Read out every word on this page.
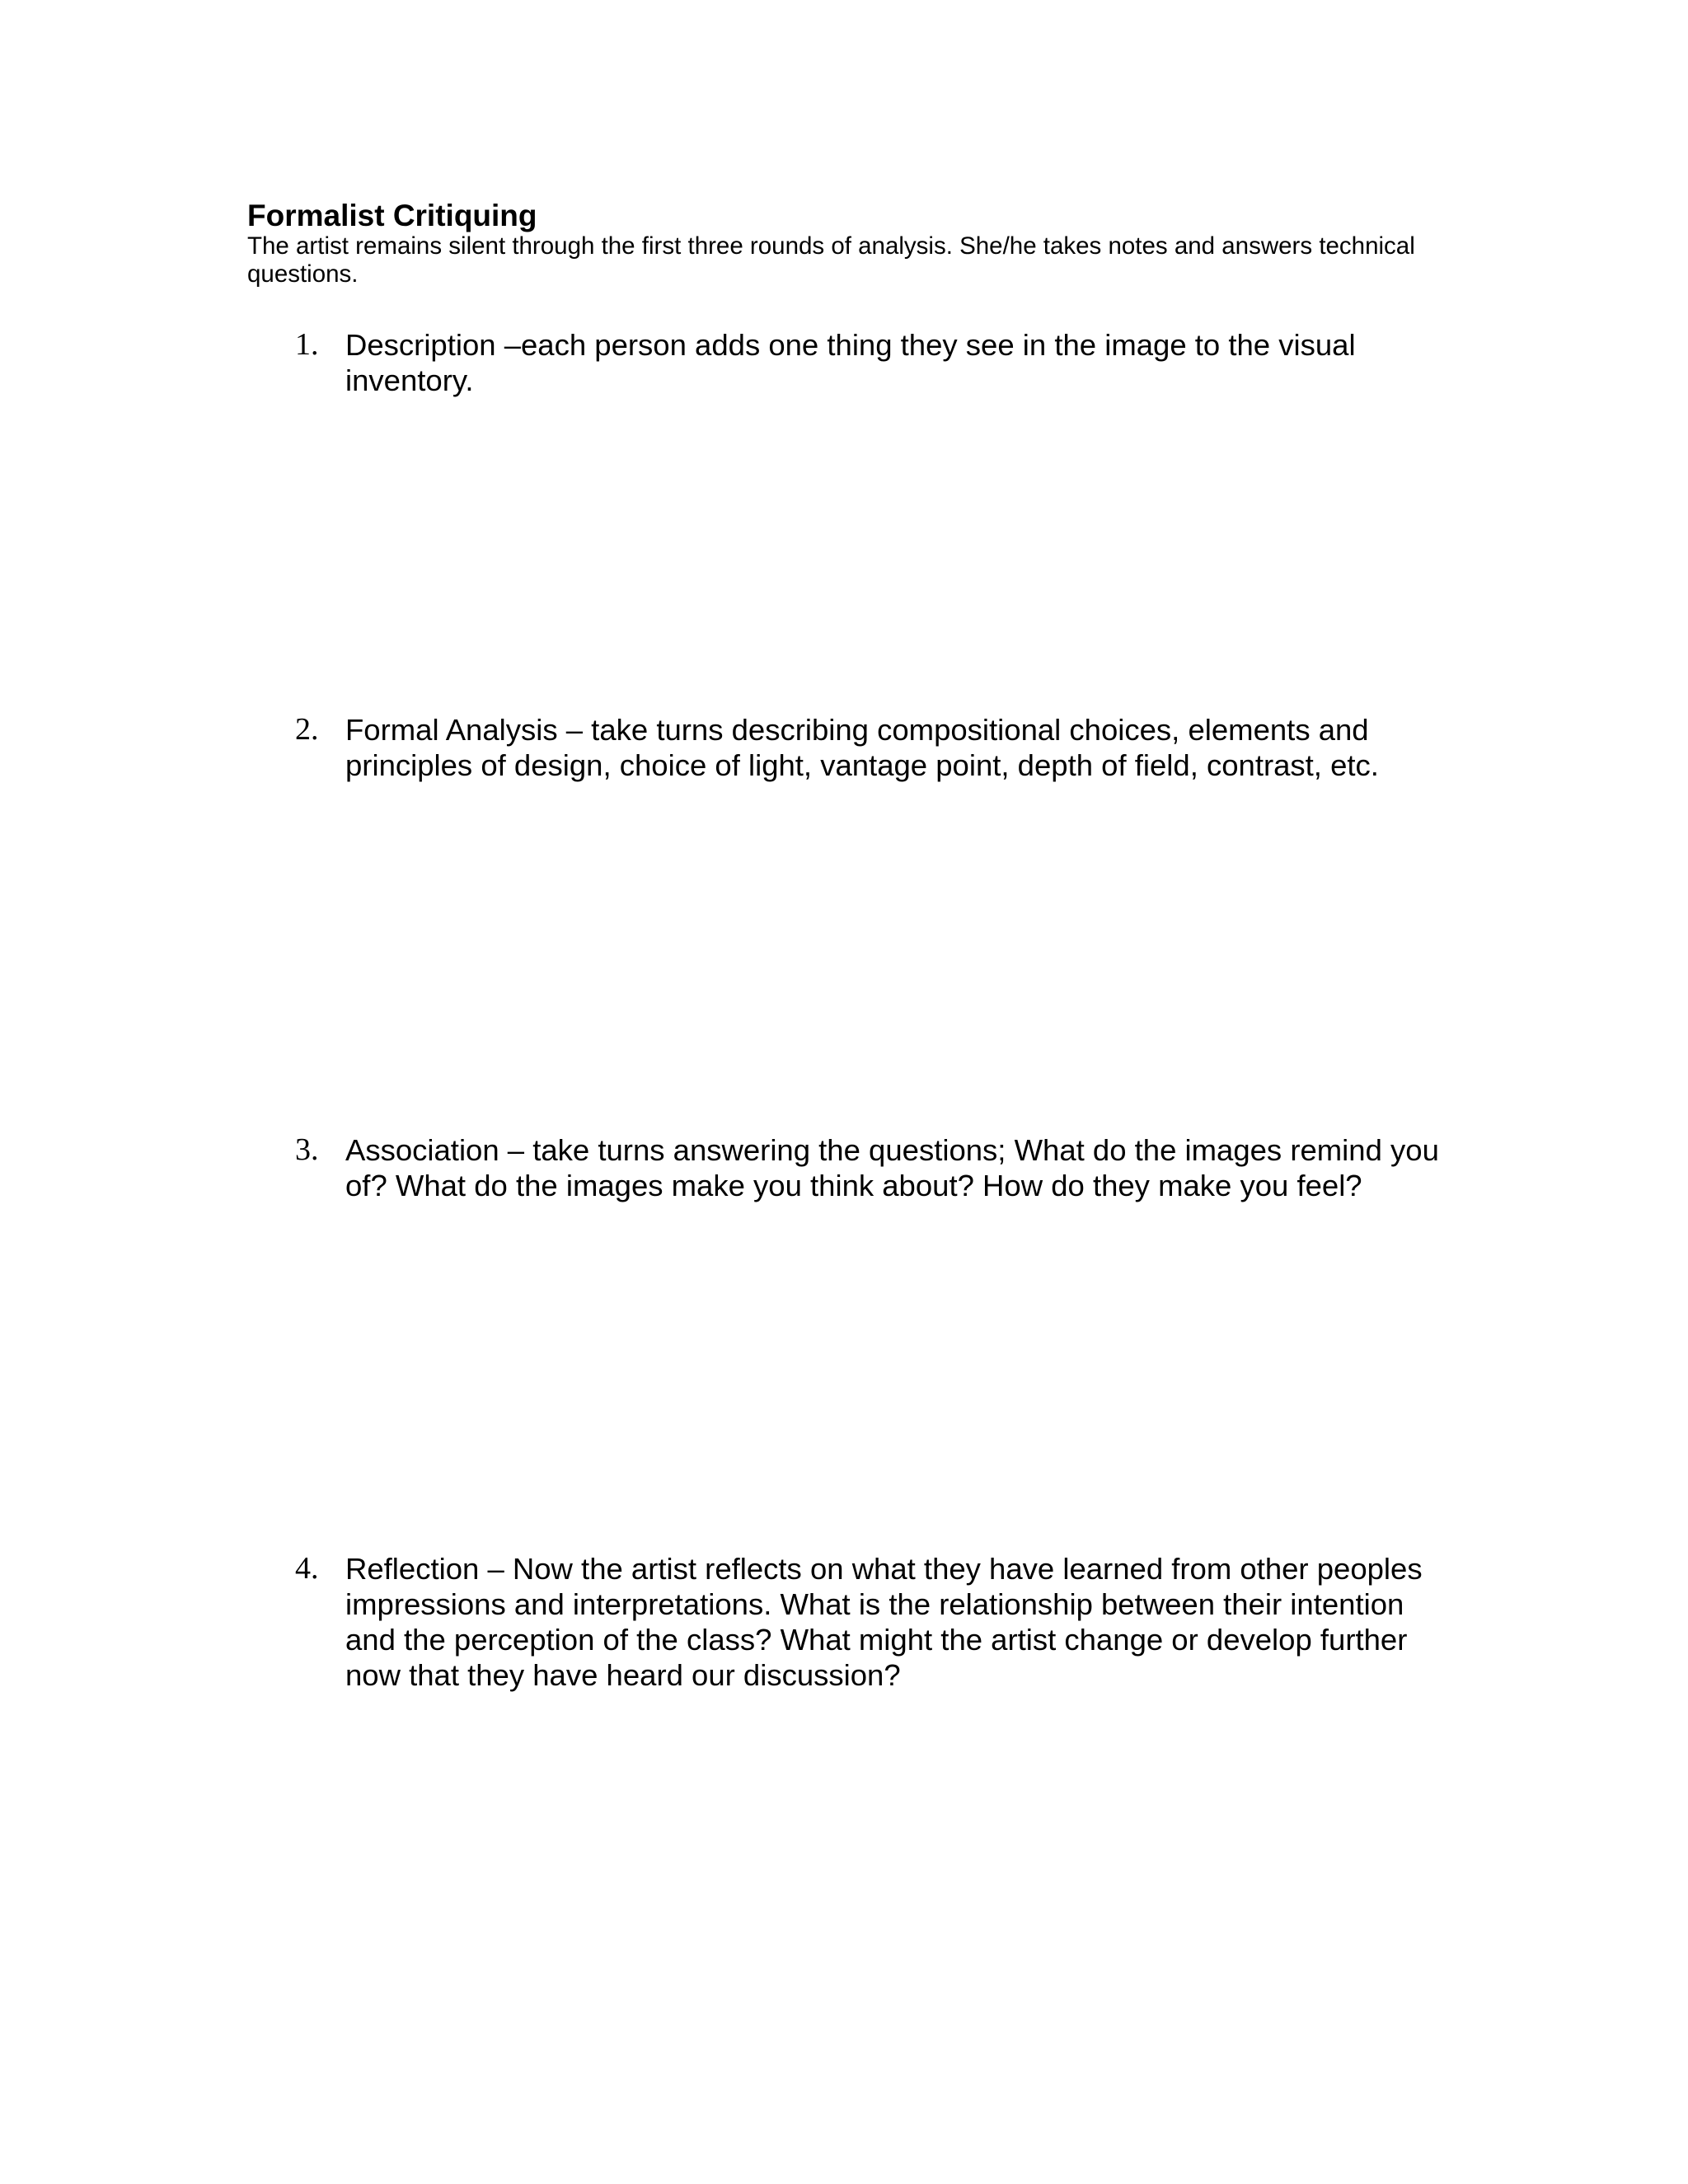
Formalist Critiquing

The artist remains silent through the first three rounds of analysis. She/he takes notes and answers technical questions.

1. Description –each person adds one thing they see in the image to the visual inventory.

2. Formal Analysis – take turns describing compositional choices, elements and principles of design, choice of light, vantage point, depth of field, contrast, etc.

3. Association – take turns answering the questions; What do the images remind you of? What do the images make you think about? How do they make you feel?

4. Reflection – Now the artist reflects on what they have learned from other peoples impressions and interpretations. What is the relationship between their intention and the perception of the class? What might the artist change or develop further now that they have heard our discussion?
